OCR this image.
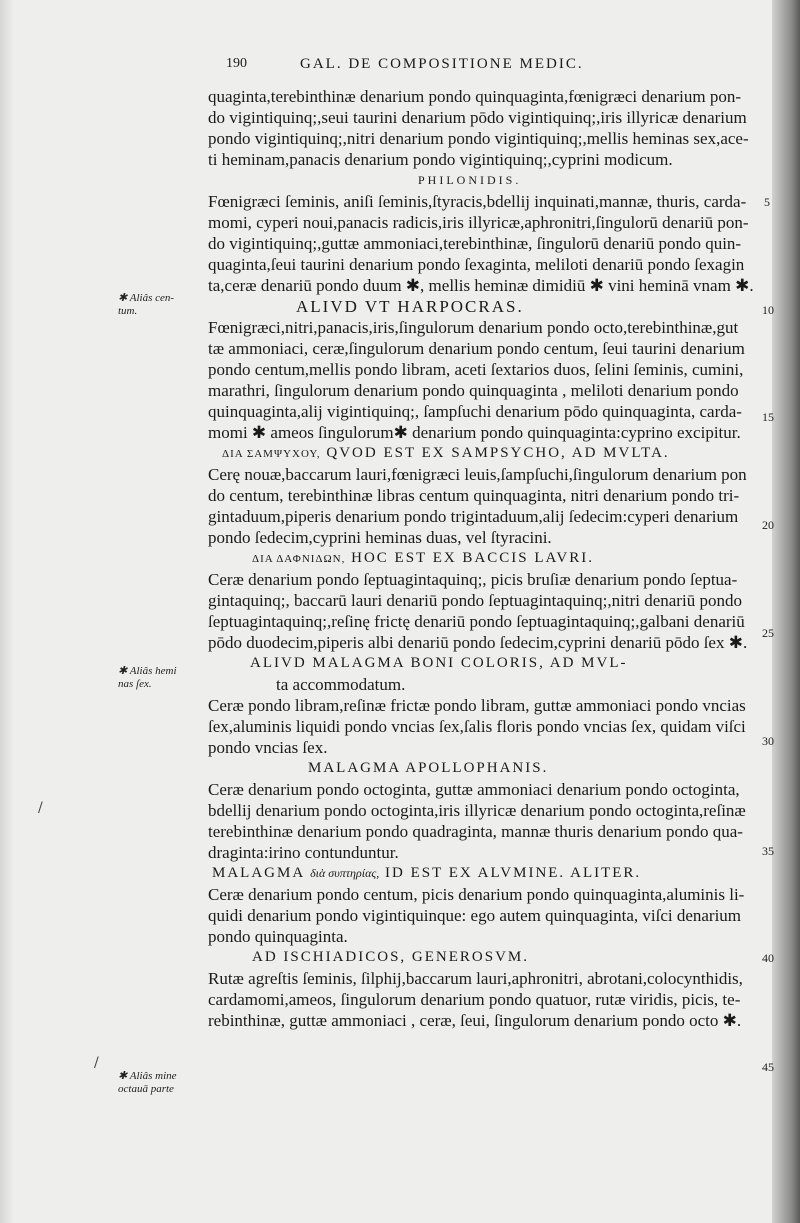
190	GAL. DE COMPOSITIONE MEDIC.
quaginta,terebinthinæ denarium pondo quinquaginta,fœnigræci denarium pon-
do vigintiquinq;,seui taurini denarium pōdo vigintiquinq;,iris illyricæ denarium
pondo vigintiquinq;,nitri denarium pondo vigintiquinq;,mellis heminas sex,ace-
ti heminam,panacis denarium pondo vigintiquinq;,cyprini modicum.
PHILONIDIS.
Fœnigræci ſeminis, aniſi ſeminis,ſtyracis,bdellij inquinati,mannæ, thuris, carda-
momi, cyperi noui,panacis radicis,iris illyricæ,aphronitri,ſingulorū denariū pon-
do vigintiquinq;,guttæ ammoniaci,terebinthinæ, ſingulorū denariū pondo quin-
quaginta,ſeui taurini denarium pondo ſexaginta, meliloti denariū pondo ſexagin
ta,ceræ denariū pondo duum ✱, mellis heminæ dimidiū ✱ vini heminā vnam ✱.
ALIVD VT HARPOCRAS.
Fœnigræci,nitri,panacis,iris,ſingulorum denarium pondo octo,terebinthinæ,gut
tæ ammoniaci, ceræ,ſingulorum denarium pondo centum, ſeui taurini denarium
pondo centum,mellis pondo libram, aceti ſextarios duos, ſelini ſeminis, cumini,
marathri, ſingulorum denarium pondo quinquaginta , meliloti denarium pondo
quinquaginta,alij vigintiquinq;, ſampſuchi denarium pōdo quinquaginta, carda-
momi ✱ ameos ſingulorum✱ denarium pondo quinquaginta:cyprino excipitur.
ΔΙΑ ΣΑΜΨΥΧΟΥ, QVOD EST EX SAMPSYCHO, AD MVLTA.
Cerę nouæ,baccarum lauri,fœnigræci leuis,ſampſuchi,ſingulorum denarium pon
do centum, terebinthinæ libras centum quinquaginta, nitri denarium pondo tri-
gintaduum,piperis denarium pondo trigintaduum,alij ſedecim:cyperi denarium
pondo ſedecim,cyprini heminas duas, vel ſtyracini.
ΔΙΑ ΔΑΦΝΙΔΩΝ, HOC EST EX BACCIS LAVRI.
Ceræ denarium pondo ſeptuagintaquinq;, picis bruſiæ denarium pondo ſeptua-
gintaquinq;, baccarū lauri denariū pondo ſeptuagintaquinq;,nitri denariū pondo
ſeptuagintaquinq;,reſinę frictę denariū pondo ſeptuagintaquinq;,galbani denariū
pōdo duodecim,piperis albi denariū pondo ſedecim,cyprini denariū pōdo ſex ✱.
ALIVD MALAGMA BONI COLORIS, AD MVL-
ta accommodatum.
Ceræ pondo libram,reſinæ frictæ pondo libram, guttæ ammoniaci pondo vncias
ſex,aluminis liquidi pondo vncias ſex,ſalis floris pondo vncias ſex, quidam viſci
pondo vncias ſex.
MALAGMA APOLLOPHANIS.
Ceræ denarium pondo octoginta, guttæ ammoniaci denarium pondo octoginta,
bdellij denarium pondo octoginta,iris illyricæ denarium pondo octoginta,reſinæ
terebinthinæ denarium pondo quadraginta, mannæ thuris denarium pondo qua-
draginta:irino contunduntur.
MALAGMA διὰ συπτηρίας, ID EST EX ALVMINE. ALITER.
Ceræ denarium pondo centum, picis denarium pondo quinquaginta,aluminis li-
quidi denarium pondo vigintiquinque: ego autem quinquaginta, viſci denarium
pondo quinquaginta.
AD ISCHIADICOS, GENEROSVM.
Rutæ agreſtis ſeminis, ſilphij,baccarum lauri,aphronitri, abrotani,colocynthidis,
cardamomi,ameos, ſingulorum denarium pondo quatuor, rutæ viridis, picis, te-
rebinthinæ, guttæ ammoniaci , ceræ, ſeui, ſingulorum denarium pondo octo ✱.
✱ Aliâs cen-
tum.
✱ Aliâs hemi
nas ſex.
✱ Aliâs mine
octauā parte
5
10
15
20
25
30
35
40
45
/
/
